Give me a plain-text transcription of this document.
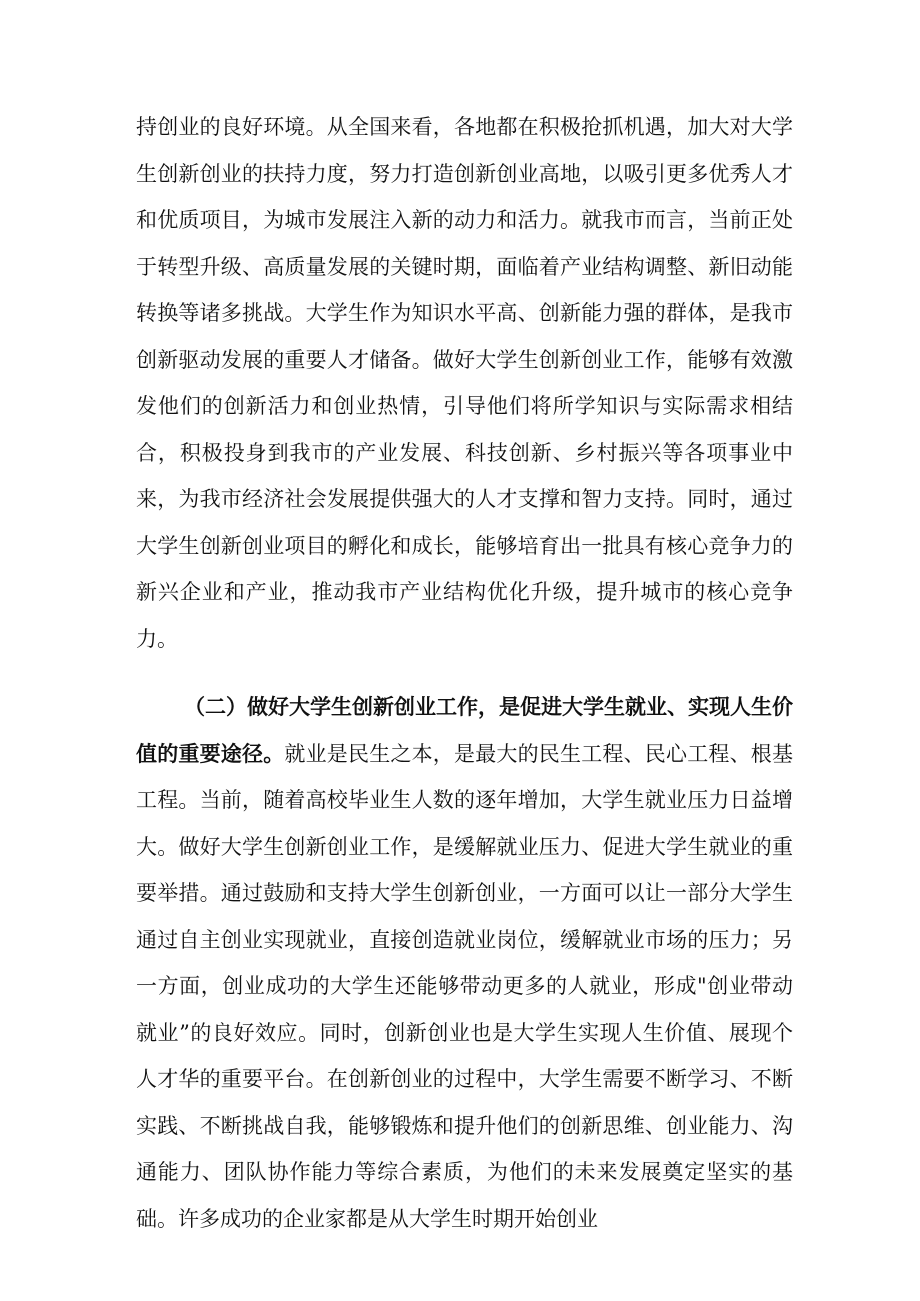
持创业的良好环境。从全国来看，各地都在积极抢抓机遇，加大对大学生创新创业的扶持力度，努力打造创新创业高地，以吸引更多优秀人才和优质项目，为城市发展注入新的动力和活力。就我市而言，当前正处于转型升级、高质量发展的关键时期，面临着产业结构调整、新旧动能转换等诸多挑战。大学生作为知识水平高、创新能力强的群体，是我市创新驱动发展的重要人才储备。做好大学生创新创业工作，能够有效激发他们的创新活力和创业热情，引导他们将所学知识与实际需求相结合，积极投身到我市的产业发展、科技创新、乡村振兴等各项事业中来，为我市经济社会发展提供强大的人才支撑和智力支持。同时，通过大学生创新创业项目的孵化和成长，能够培育出一批具有核心竞争力的新兴企业和产业，推动我市产业结构优化升级，提升城市的核心竞争力。

（二）做好大学生创新创业工作，是促进大学生就业、实现人生价值的重要途径。就业是民生之本，是最大的民生工程、民心工程、根基工程。当前，随着高校毕业生人数的逐年增加，大学生就业压力日益增大。做好大学生创新创业工作，是缓解就业压力、促进大学生就业的重要举措。通过鼓励和支持大学生创新创业，一方面可以让一部分大学生通过自主创业实现就业，直接创造就业岗位，缓解就业市场的压力；另一方面，创业成功的大学生还能够带动更多的人就业，形成"创业带动就业”的良好效应。同时，创新创业也是大学生实现人生价值、展现个人才华的重要平台。在创新创业的过程中，大学生需要不断学习、不断实践、不断挑战自我，能够锻炼和提升他们的创新思维、创业能力、沟通能力、团队协作能力等综合素质，为他们的未来发展奠定坚实的基础。许多成功的企业家都是从大学生时期开始创业
